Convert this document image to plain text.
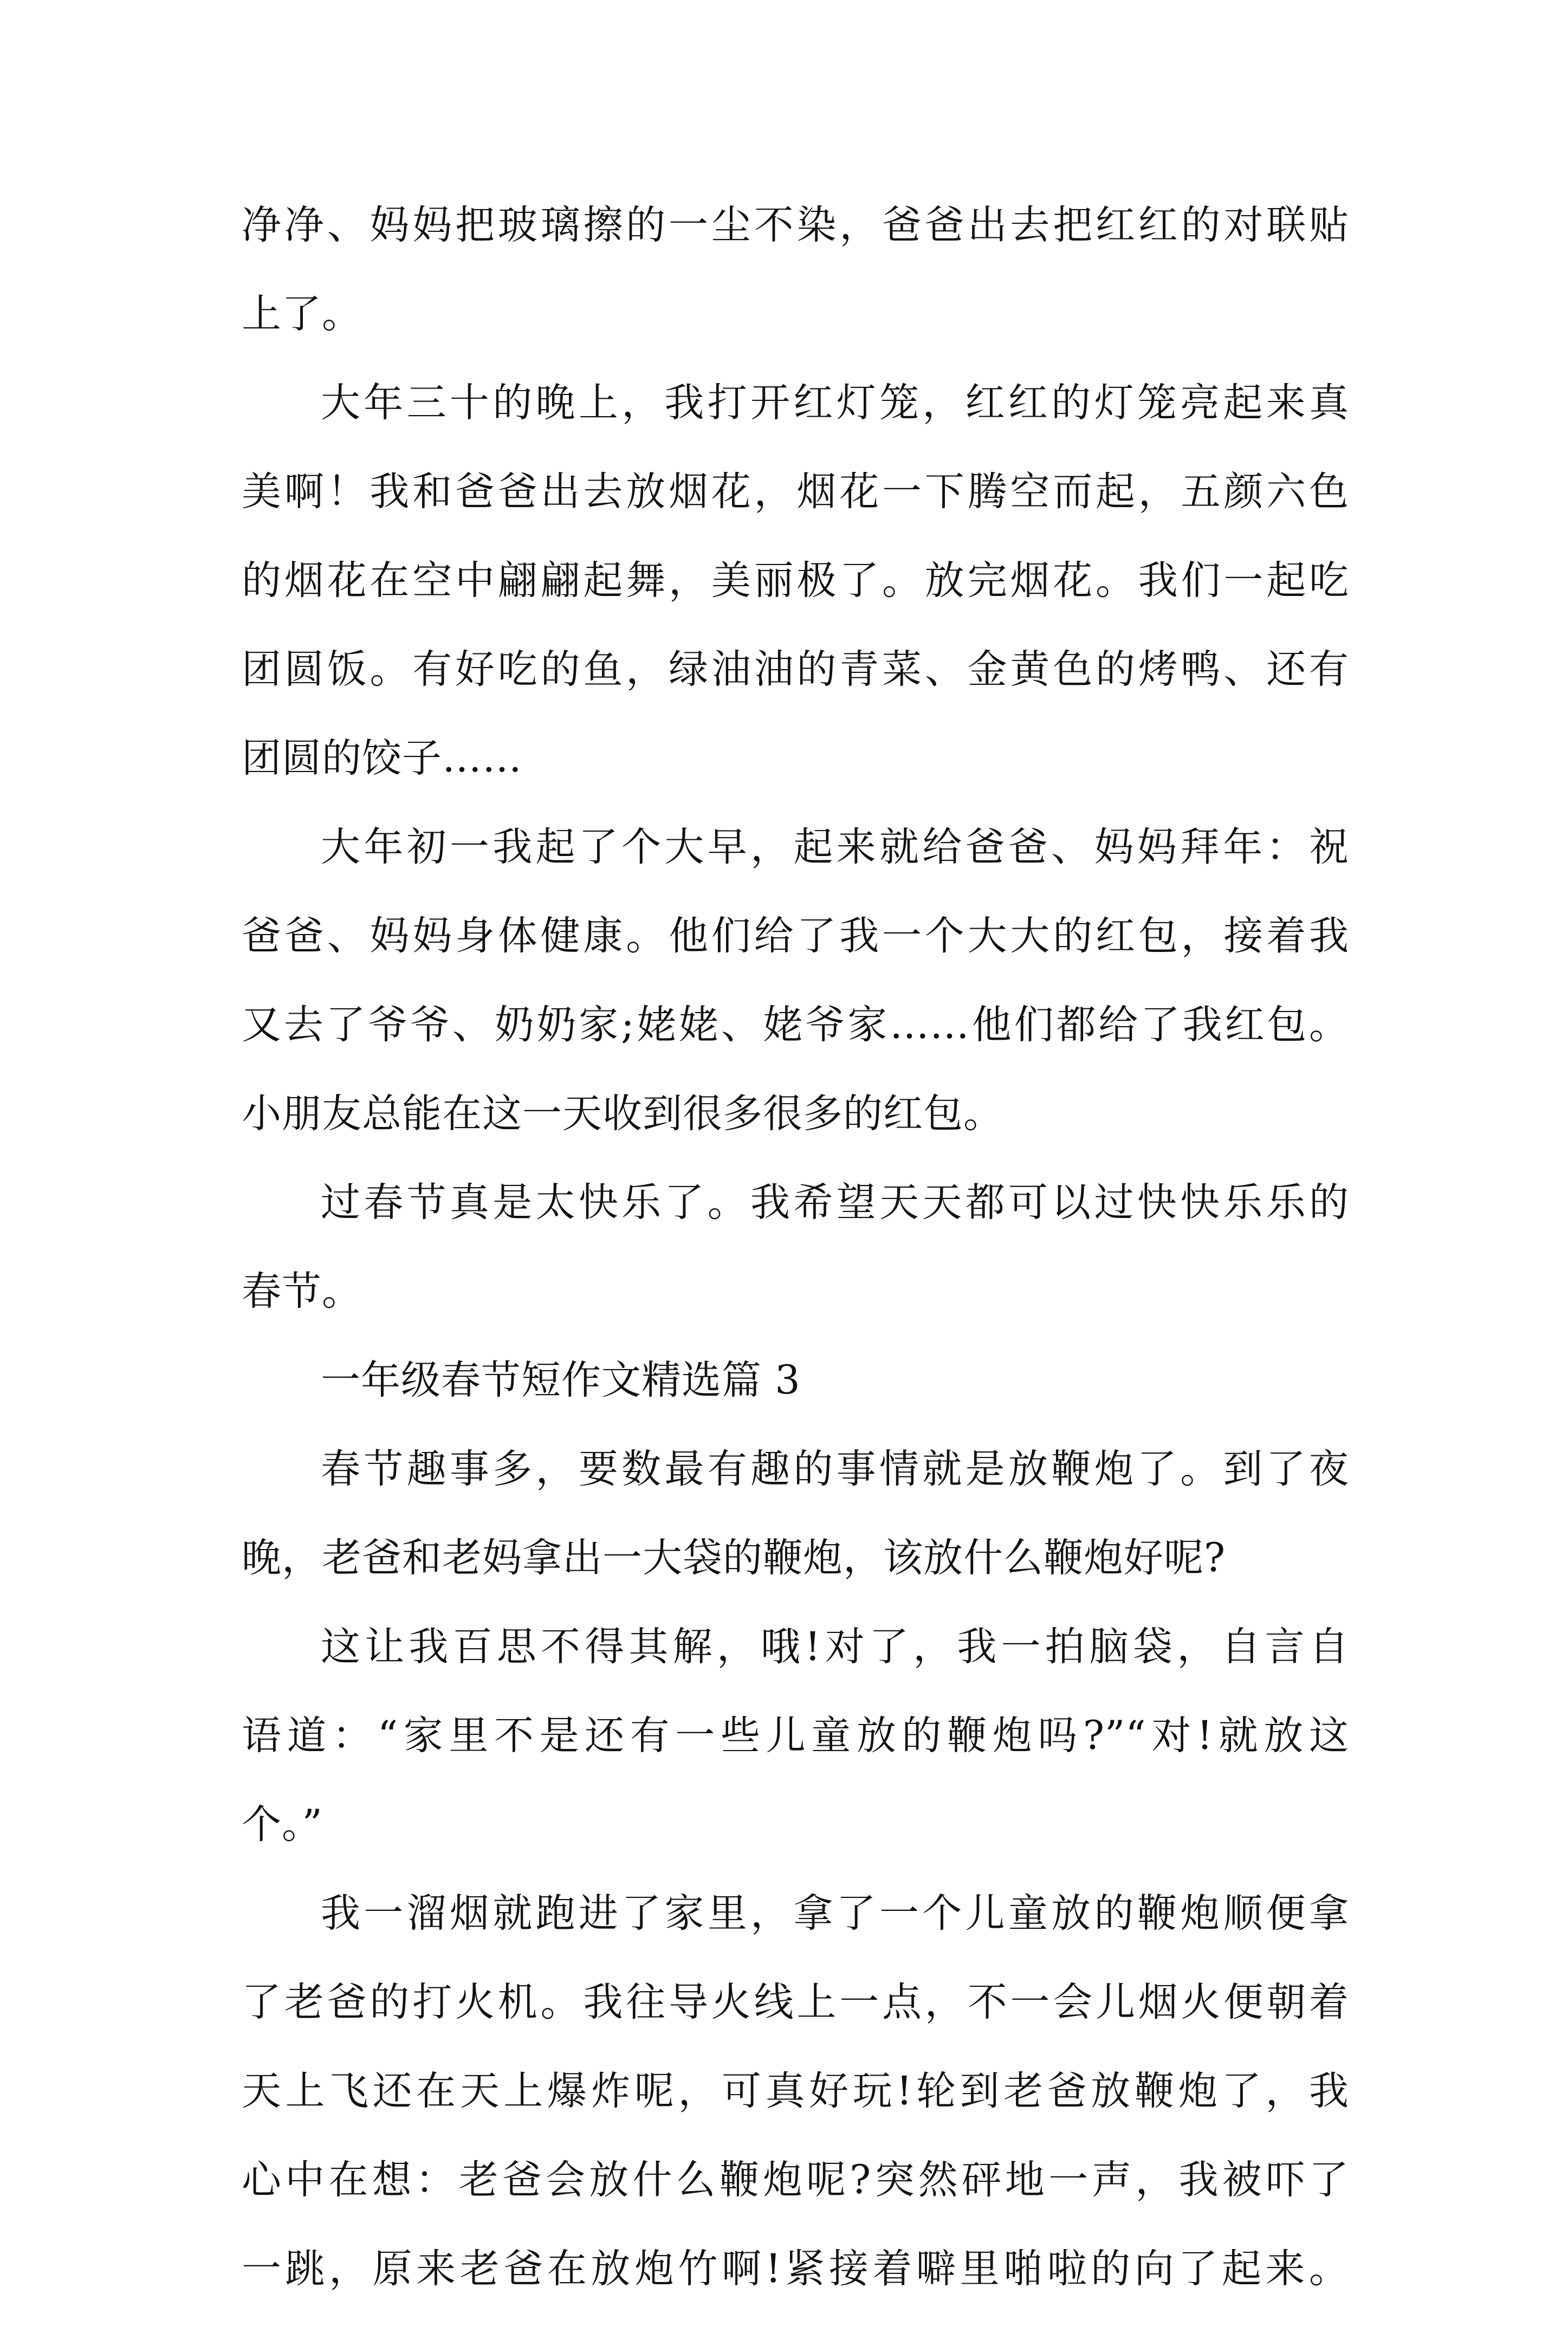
净净、妈妈把玻璃擦的一尘不染，爸爸出去把红红的对联贴
上了。
大年三十的晚上，我打开红灯笼，红红的灯笼亮起来真
美啊！我和爸爸出去放烟花，烟花一下腾空而起，五颜六色
的烟花在空中翩翩起舞，美丽极了。放完烟花。我们一起吃
团圆饭。有好吃的鱼，绿油油的青菜、金黄色的烤鸭、还有
团圆的饺子……
大年初一我起了个大早，起来就给爸爸、妈妈拜年：祝
爸爸、妈妈身体健康。他们给了我一个大大的红包，接着我
又去了爷爷、奶奶家;姥姥、姥爷家……他们都给了我红包。
小朋友总能在这一天收到很多很多的红包。
过春节真是太快乐了。我希望天天都可以过快快乐乐的
春节。
一年级春节短作文精选篇 3
春节趣事多，要数最有趣的事情就是放鞭炮了。到了夜
晚，老爸和老妈拿出一大袋的鞭炮，该放什么鞭炮好呢?
这让我百思不得其解，哦!对了，我一拍脑袋，自言自
语道：“家里不是还有一些儿童放的鞭炮吗?”“对!就放这
个。”
我一溜烟就跑进了家里，拿了一个儿童放的鞭炮顺便拿
了老爸的打火机。我往导火线上一点，不一会儿烟火便朝着
天上飞还在天上爆炸呢，可真好玩!轮到老爸放鞭炮了，我
心中在想：老爸会放什么鞭炮呢?突然砰地一声，我被吓了
一跳，原来老爸在放炮竹啊!紧接着噼里啪啦的向了起来。
